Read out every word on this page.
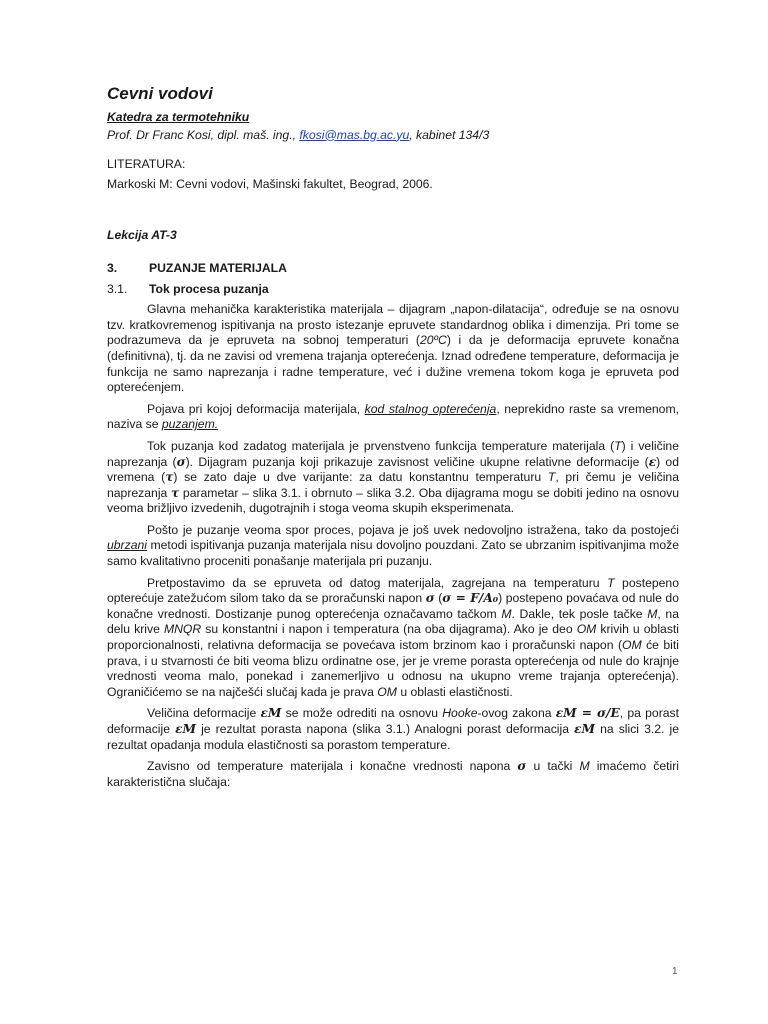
Cevni vodovi
Katedra za termotehniku
Prof. Dr Franc Kosi, dipl. maš. ing., fkosi@mas.bg.ac.yu, kabinet 134/3
LITERATURA:
Markoski M: Cevni vodovi, Mašinski fakultet, Beograd, 2006.
Lekcija AT-3
3.	PUZANJE MATERIJALA
3.1.	Tok procesa puzanja

Glavna mehanička karakteristika materijala – dijagram „napon-dilatacija“, određuje se na osnovu tzv. kratkovremenog ispitivanja na prosto istezanje epruvete standardnog oblika i dimenzija. Pri tome se podrazumeva da je epruveta na sobnoj temperaturi (20ºC) i da je deformacija epruvete konačna (definitivna), tj. da ne zavisi od vremena trajanja opterećenja. Iznad određene temperature, deformacija je funkcija ne samo naprezanja i radne temperature, već i dužine vremena tokom koga je epruveta pod opterećenjem.

Pojava pri kojoj deformacija materijala, kod stalnog opterećenja, neprekidno raste sa vremenom, naziva se puzanjem.

Tok puzanja kod zadatog materijala je prvenstveno funkcija temperature materijala (T) i veličine naprezanja (σ). Dijagram puzanja koji prikazuje zavisnost veličine ukupne relativne deformacije (ε) od vremena (τ) se zato daje u dve varijante: za datu konstantnu temperaturu T, pri čemu je veličina naprezanja τ parametar – slika 3.1. i obrnuto – slika 3.2. Oba dijagrama mogu se dobiti jedino na osnovu veoma brižljivo izvedenih, dugotrajnih i stoga veoma skupih eksperimenata.

Pošto je puzanje veoma spor proces, pojava je još uvek nedovoljno istražena, tako da postojeći ubrzani metodi ispitivanja puzanja materijala nisu dovoljno pouzdani. Zato se ubrzanim ispitivanjima može samo kvalitativno proceniti ponašanje materijala pri puzanju.

Pretpostavimo da se epruveta od datog materijala, zagrejana na temperaturu T postepeno opterećuje zatežućom silom tako da se proračunski napon σ (σ = F/A₀) postepeno povaćava od nule do konačne vrednosti. Dostizanje punog opterećenja označavamo tačkom M. Dakle, tek posle tačke M, na delu krive MNQR su konstantni i napon i temperatura (na oba dijagrama). Ako je deo OM krivih u oblasti proporcionalnosti, relativna deformacija se povećava istom brzinom kao i proračunski napon (OM će biti prava, i u stvarnosti će biti veoma blizu ordinatne ose, jer je vreme porasta opterećenja od nule do krajnje vrednosti veoma malo, ponekad i zanemerljivo u odnosu na ukupno vreme trajanja opterećenja). Ograničićemo se na najčešći slučaj kada je prava OM u oblasti elastičnosti.

Veličina deformacije εM se može odrediti na osnovu Hooke-ovog zakona εM = σ/E, pa porast deformacije εM je rezultat porasta napona (slika 3.1.) Analogni porast deformacija εM na slici 3.2. je rezultat opadanja modula elastičnosti sa porastom temperature.

Zavisno od temperature materijala i konačne vrednosti napona σ u tački M imaćemo četiri karakteristična slučaja:

1
